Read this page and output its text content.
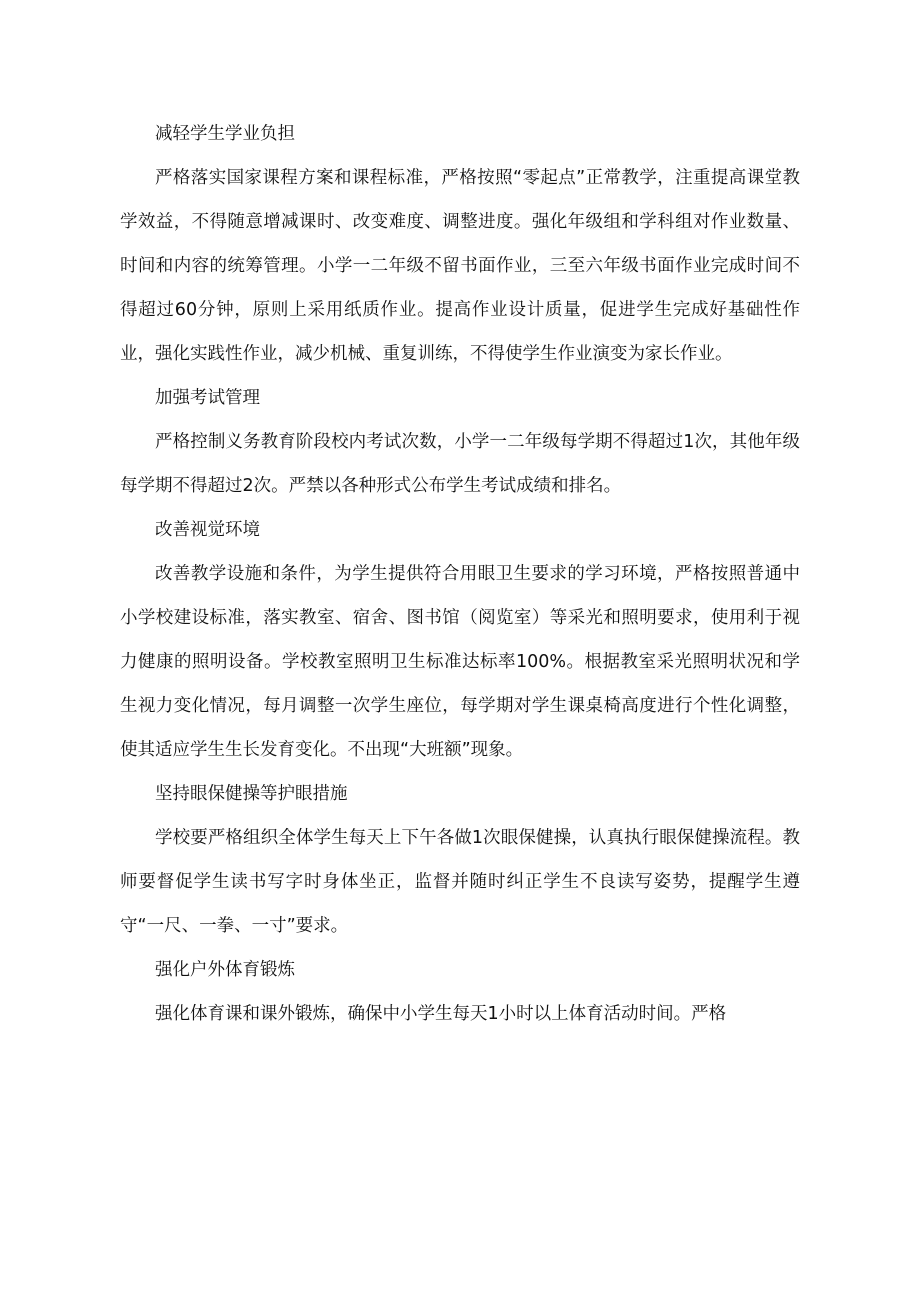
减轻学生学业负担

严格落实国家课程方案和课程标准，严格按照“零起点”正常教学，注重提高课堂教学效益，不得随意增减课时、改变难度、调整进度。强化年级组和学科组对作业数量、时间和内容的统筹管理。小学一二年级不留书面作业，三至六年级书面作业完成时间不得超过60分钟，原则上采用纸质作业。提高作业设计质量，促进学生完成好基础性作业，强化实践性作业，减少机械、重复训练，不得使学生作业演变为家长作业。

加强考试管理

严格控制义务教育阶段校内考试次数，小学一二年级每学期不得超过1次，其他年级每学期不得超过2次。严禁以各种形式公布学生考试成绩和排名。

改善视觉环境

改善教学设施和条件，为学生提供符合用眼卫生要求的学习环境，严格按照普通中小学校建设标准，落实教室、宿舍、图书馆（阅览室）等采光和照明要求，使用利于视力健康的照明设备。学校教室照明卫生标准达标率100%。根据教室采光照明状况和学生视力变化情况，每月调整一次学生座位，每学期对学生课桌椅高度进行个性化调整，使其适应学生生长发育变化。不出现“大班额”现象。

坚持眼保健操等护眼措施

学校要严格组织全体学生每天上下午各做1次眼保健操，认真执行眼保健操流程。教师要督促学生读书写字时身体坐正，监督并随时纠正学生不良读写姿势，提醒学生遵守“一尺、一拳、一寸”要求。

强化户外体育锻炼

强化体育课和课外锻炼，确保中小学生每天1小时以上体育活动时间。严格
